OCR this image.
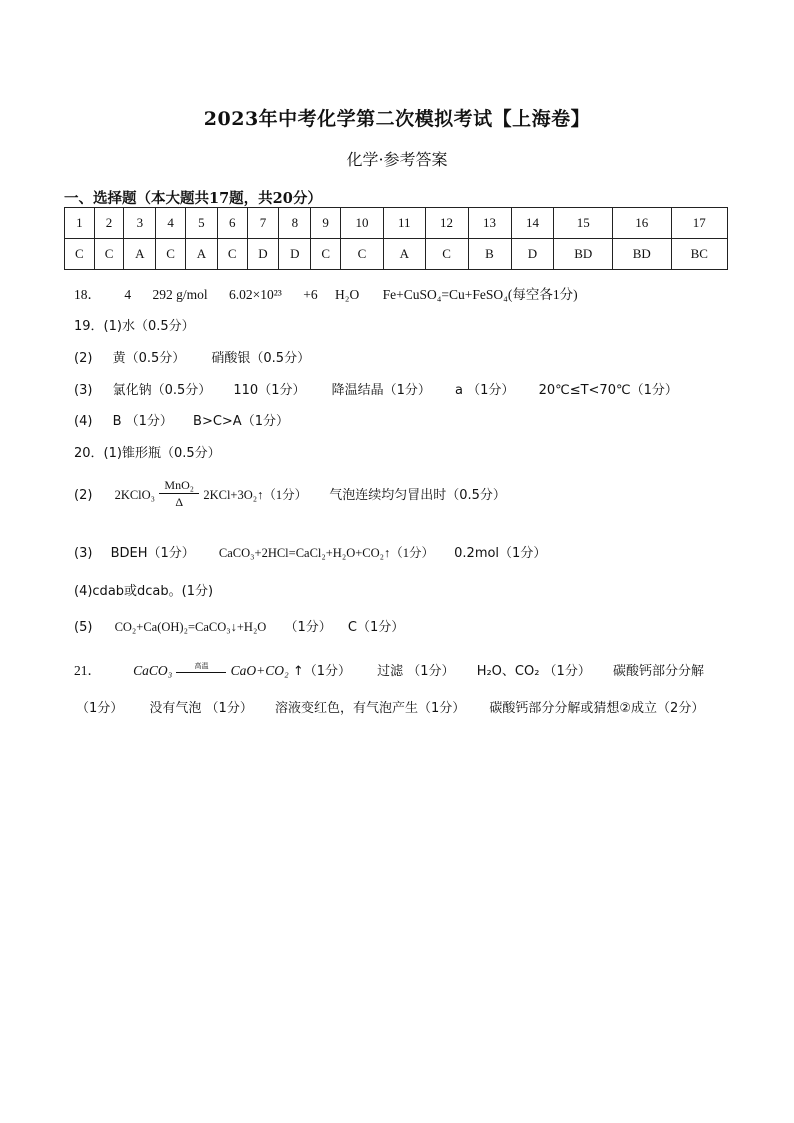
2023年中考化学第二次模拟考试【上海卷】
化学·参考答案
一、选择题（本大题共17题，共20分）
1	2	3	4	5	6	7	8	9	10	11	12	13	14	15	16	17
C	C	A	C	A	C	D	D	C	C	A	C	B	D	BD	BD	BC
18． 4 292 g/mol 6.02×10²³ +6 H₂O Fe+CuSO₄=Cu+FeSO₄(每空各1分)
19．(1)水（0.5分）
(2) 黄（0.5分） 硝酸银（0.5分）
(3) 氯化钠（0.5分） 110（1分） 降温结晶（1分） a （1分） 20℃≤T<70℃（1分）
(4) B （1分） B>C>A（1分）
20．(1)锥形瓶（0.5分）
(2) 2KClO₃ $\frac{\text{MnO₂}}{\Delta}$ 2KCl+3O₂↑（1分） 气泡连续均匀冒出时（0.5分）
(3) BDEH（1分） CaCO₃+2HCl=CaCl₂+H₂O+CO₂↑（1分） 0.2mol（1分）
(4)cdab或dcab。(1分)
(5) CO₂+Ca(OH)₂=CaCO₃↓+H₂O （1分） C（1分）
21． CaCO₃	高温	CaO+CO₂ ↑（1分） 过滤 （1分） H₂O、CO₂ （1分） 碳酸钙部分分解
（1分） 没有气泡 （1分） 溶液变红色，有气泡产生（1分） 碳酸钙部分分解或猜想②成立（2分）
